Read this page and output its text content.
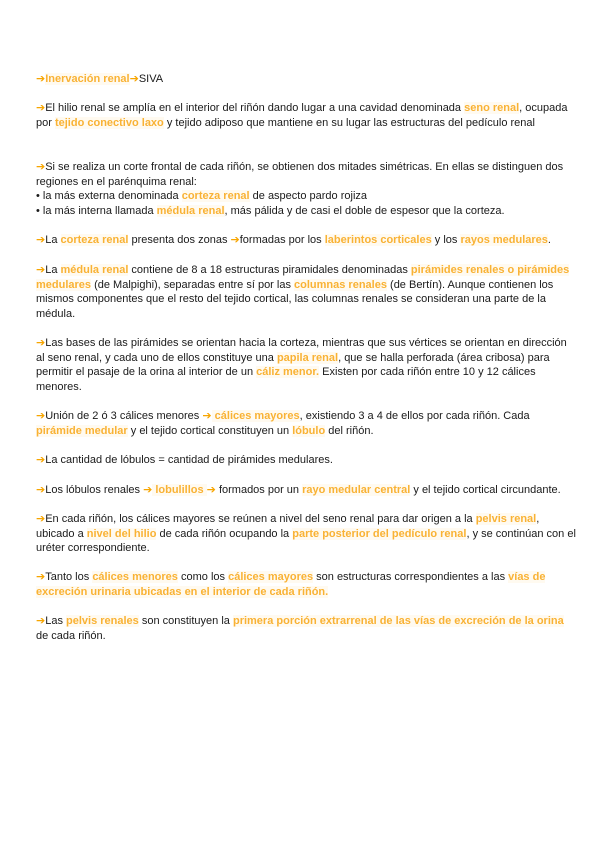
➔Inervación renal➔SIVA

➔El hilio renal se amplía en el interior del riñón dando lugar a una cavidad denominada seno renal, ocupada por tejido conectivo laxo y tejido adiposo que mantiene en su lugar las estructuras del pedículo renal

➔Si se realiza un corte frontal de cada riñón, se obtienen dos mitades simétricas. En ellas se distinguen dos regiones en el parénquima renal:
• la más externa denominada corteza renal de aspecto pardo rojiza
• la más interna llamada médula renal, más pálida y de casi el doble de espesor que la corteza.

➔La corteza renal presenta dos zonas ➔formadas por los laberintos corticales y los rayos medulares.

➔La médula renal contiene de 8 a 18 estructuras piramidales denominadas pirámides renales o pirámides medulares (de Malpighi), separadas entre sí por las columnas renales (de Bertín). Aunque contienen los mismos componentes que el resto del tejido cortical, las columnas renales se consideran una parte de la médula.

➔Las bases de las pirámides se orientan hacia la corteza, mientras que sus vértices se orientan en dirección al seno renal, y cada uno de ellos constituye una papila renal, que se halla perforada (área cribosa) para permitir el pasaje de la orina al interior de un cáliz menor. Existen por cada riñón entre 10 y 12 cálices menores.

➔Unión de 2 ó 3 cálices menores ➔ cálices mayores, existiendo 3 a 4 de ellos por cada riñón. Cada pirámide medular y el tejido cortical constituyen un lóbulo del riñón.

➔La cantidad de lóbulos = cantidad de pirámides medulares.

➔Los lóbulos renales ➔ lobulillos ➔ formados por un rayo medular central y el tejido cortical circundante.

➔En cada riñón, los cálices mayores se reúnen a nivel del seno renal para dar origen a la pelvis renal, ubicado a nivel del hilio de cada riñón ocupando la parte posterior del pedículo renal, y se continúan con el uréter correspondiente.

➔Tanto los cálices menores como los cálices mayores son estructuras correspondientes a las vías de excreción urinaria ubicadas en el interior de cada riñón.

➔Las pelvis renales son constituyen la primera porción extrarrenal de las vías de excreción de la orina de cada riñón.
